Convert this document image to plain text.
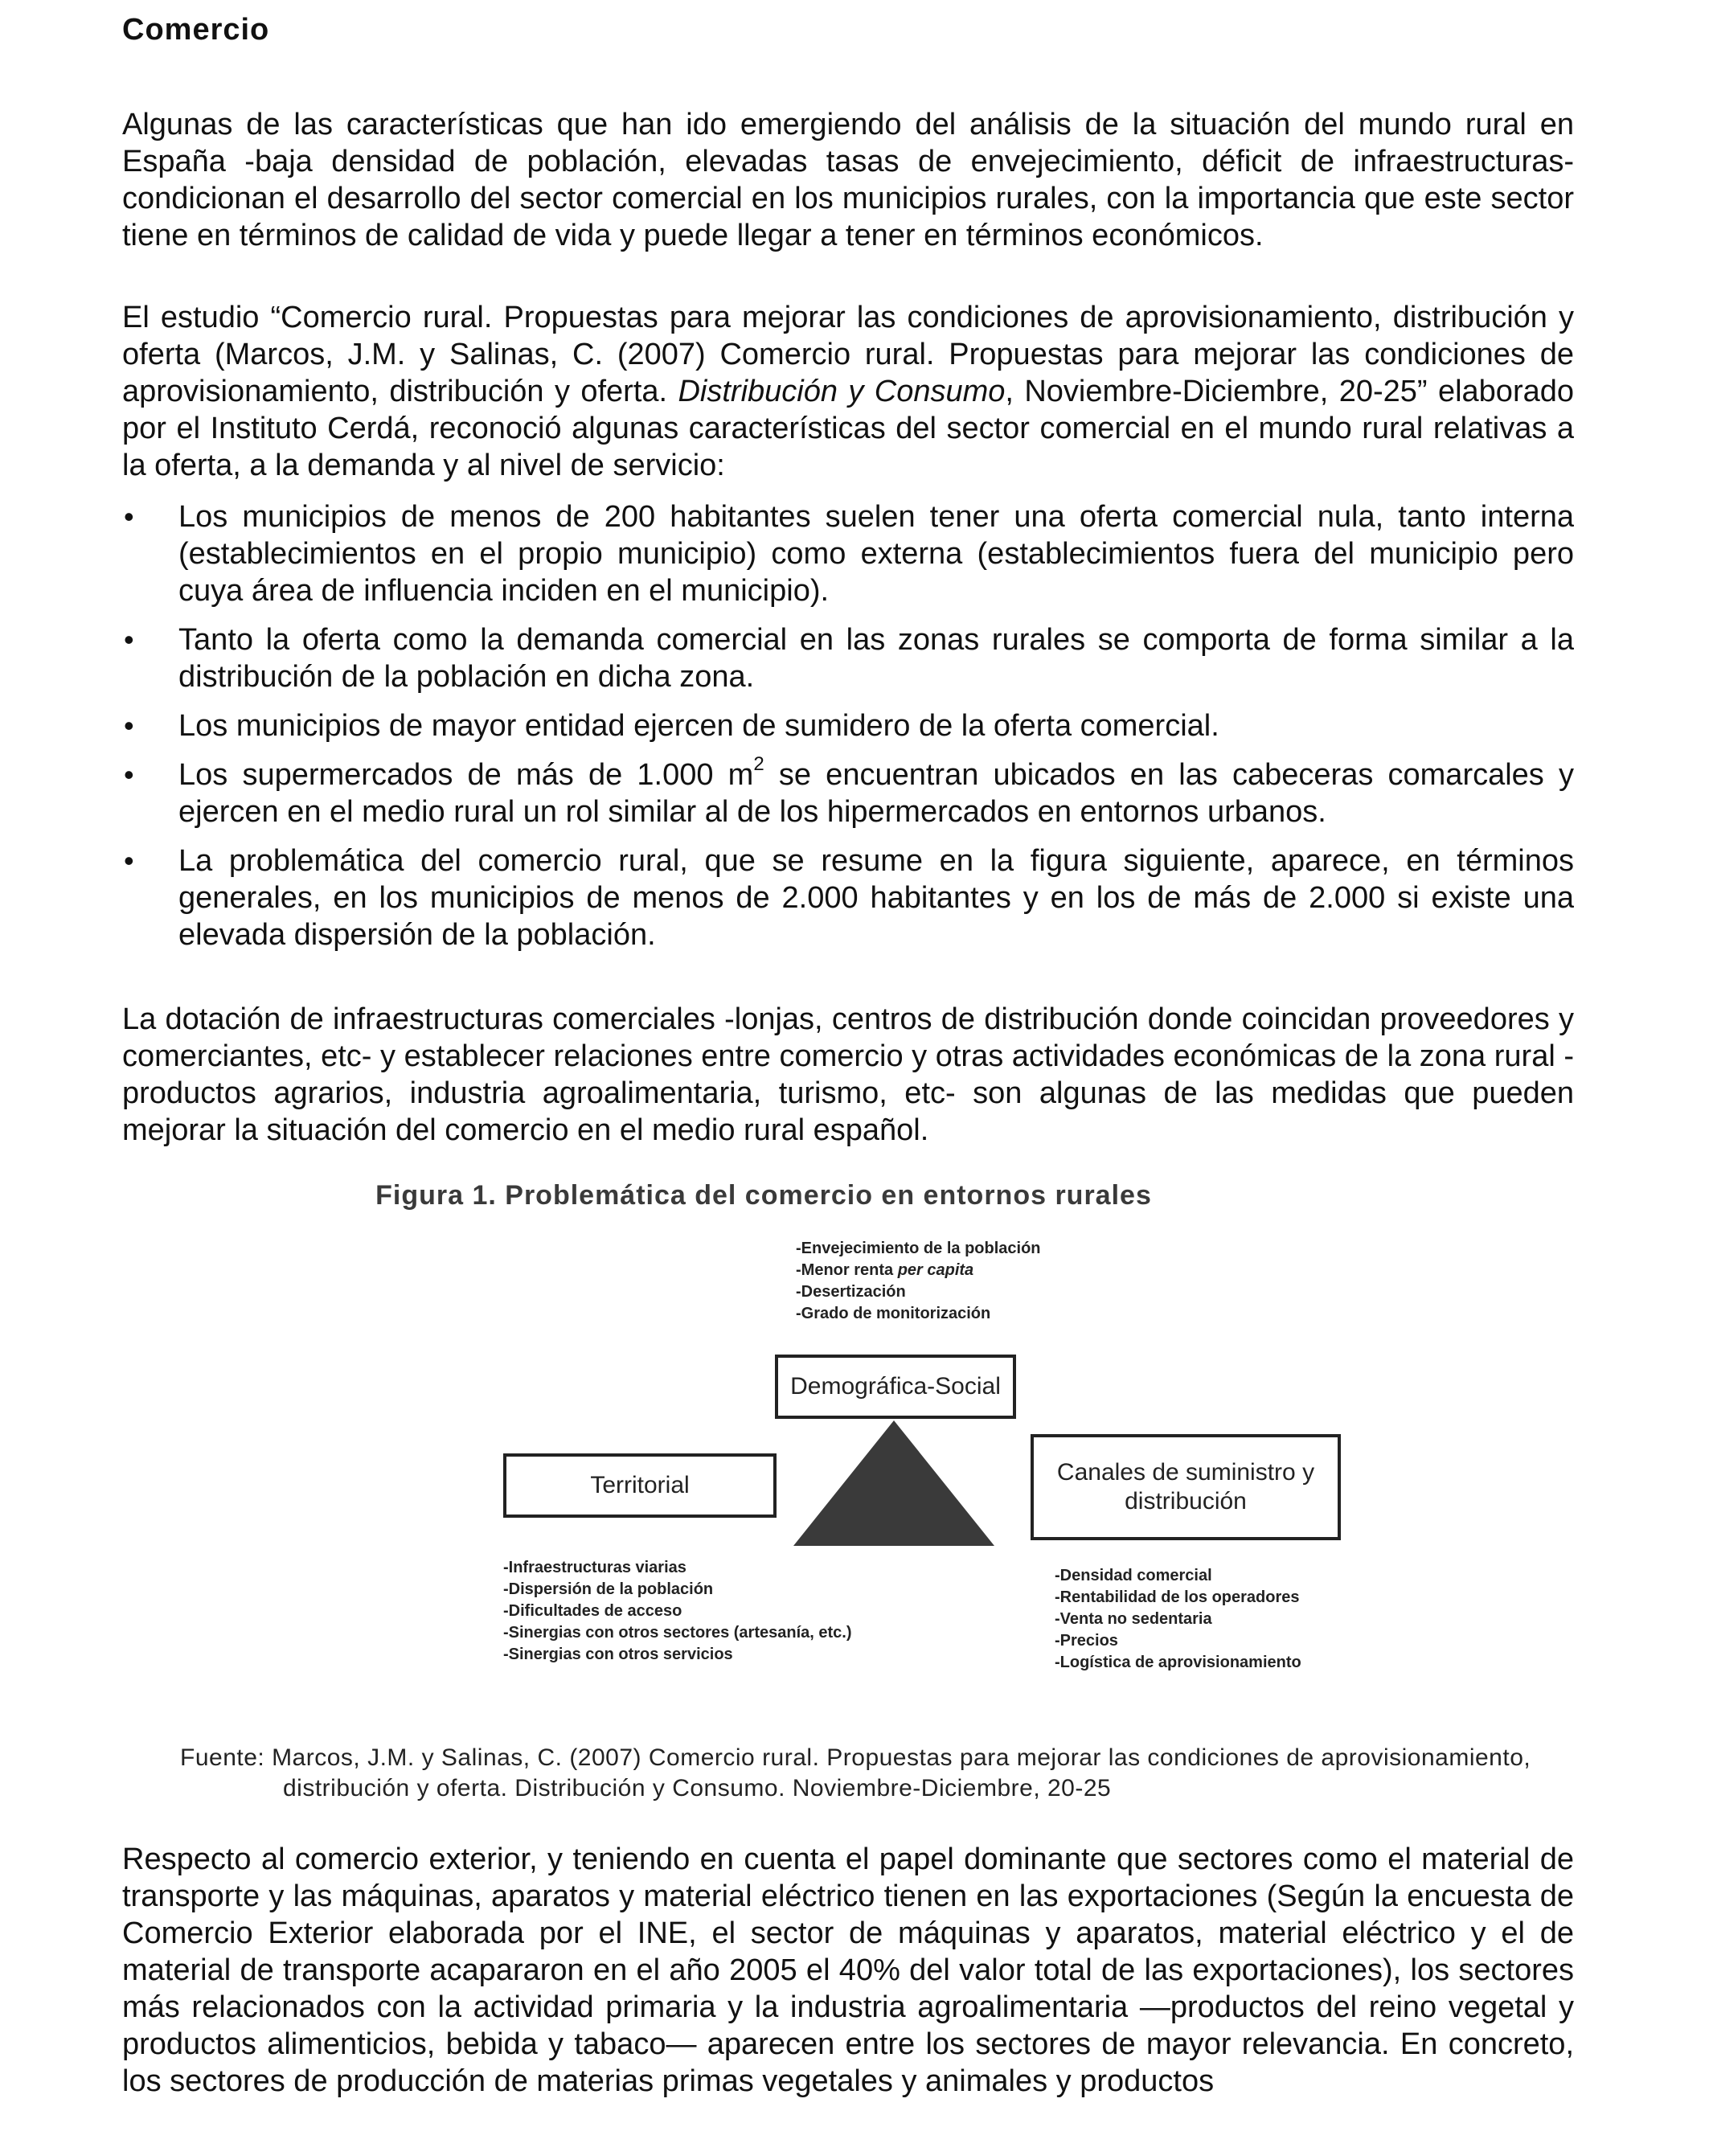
Comercio

Algunas de las características que han ido emergiendo del análisis de la situación del mundo rural en España -baja densidad de población, elevadas tasas de envejecimiento, déficit de infraestructuras- condicionan el desarrollo del sector comercial en los municipios rurales, con la importancia que este sector tiene en términos de calidad de vida y puede llegar a tener en términos económicos.

El estudio “Comercio rural. Propuestas para mejorar las condiciones de aprovisionamiento, distribución y oferta (Marcos, J.M. y Salinas, C. (2007) Comercio rural. Propuestas para mejorar las condiciones de aprovisionamiento, distribución y oferta. Distribución y Consumo, Noviembre-Diciembre, 20-25” elaborado por el Instituto Cerdá, reconoció algunas características del sector comercial en el mundo rural relativas a la oferta, a la demanda y al nivel de servicio:

• Los municipios de menos de 200 habitantes suelen tener una oferta comercial nula, tanto interna (establecimientos en el propio municipio) como externa (establecimientos fuera del municipio pero cuya área de influencia inciden en el municipio).
• Tanto la oferta como la demanda comercial en las zonas rurales se comporta de forma similar a la distribución de la población en dicha zona.
• Los municipios de mayor entidad ejercen de sumidero de la oferta comercial.
• Los supermercados de más de 1.000 $m^2$ se encuentran ubicados en las cabeceras comarcales y ejercen en el medio rural un rol similar al de los hipermercados en entornos urbanos.
• La problemática del comercio rural, que se resume en la figura siguiente, aparece, en términos generales, en los municipios de menos de 2.000 habitantes y en los de más de 2.000 si existe una elevada dispersión de la población.

La dotación de infraestructuras comerciales -lonjas, centros de distribución donde coincidan proveedores y comerciantes, etc- y establecer relaciones entre comercio y otras actividades económicas de la zona rural -productos agrarios, industria agroalimentaria, turismo, etc- son algunas de las medidas que pueden mejorar la situación del comercio en el medio rural español.

Figura 1. Problemática del comercio en entornos rurales

-Envejecimiento de la población
-Menor renta per capita
-Desertización
-Grado de monitorización
Demográfica-Social
Territorial	Canales de suministro y
distribución
-Infraestructuras viarias
-Dispersión de la población
-Dificultades de acceso
-Sinergias con otros sectores (artesanía, etc.)
-Sinergias con otros servicios
-Densidad comercial
-Rentabilidad de los operadores
-Venta no sedentaria
-Precios
-Logística de aprovisionamiento

Fuente: Marcos, J.M. y Salinas, C. (2007) Comercio rural. Propuestas para mejorar las condiciones de aprovisionamiento, distribución y oferta. Distribución y Consumo. Noviembre-Diciembre, 20-25

Respecto al comercio exterior, y teniendo en cuenta el papel dominante que sectores como el material de transporte y las máquinas, aparatos y material eléctrico tienen en las exportaciones (Según la encuesta de Comercio Exterior elaborada por el INE, el sector de máquinas y aparatos, material eléctrico y el de material de transporte acapararon en el año 2005 el 40% del valor total de las exportaciones), los sectores más relacionados con la actividad primaria y la industria agroalimentaria —productos del reino vegetal y productos alimenticios, bebida y tabaco— aparecen entre los sectores de mayor relevancia. En concreto, los sectores de producción de materias primas vegetales y animales y productos
